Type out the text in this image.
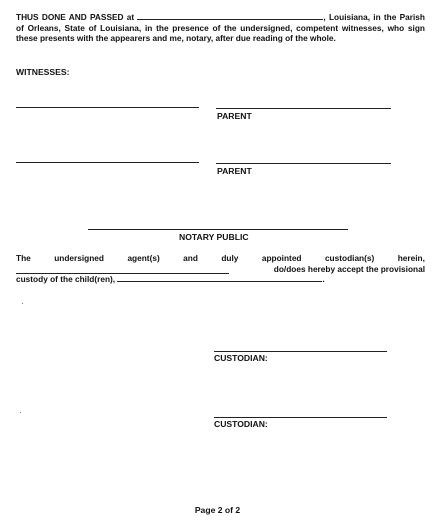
THUS DONE AND PASSED at	, Louisiana, in the Parish of Orleans, State of Louisiana, in the presence of the undersigned, competent witnesses, who sign these presents with the appearers and me, notary, after due reading of the whole.
WITNESSES:
PARENT
PARENT
NOTARY PUBLIC
The	undersigned	agent(s)	and	duly	appointed	custodian(s)	herein,
do/does hereby accept the provisional
custody of the child(ren),	.
CUSTODIAN:
CUSTODIAN:
Page 2 of 2
